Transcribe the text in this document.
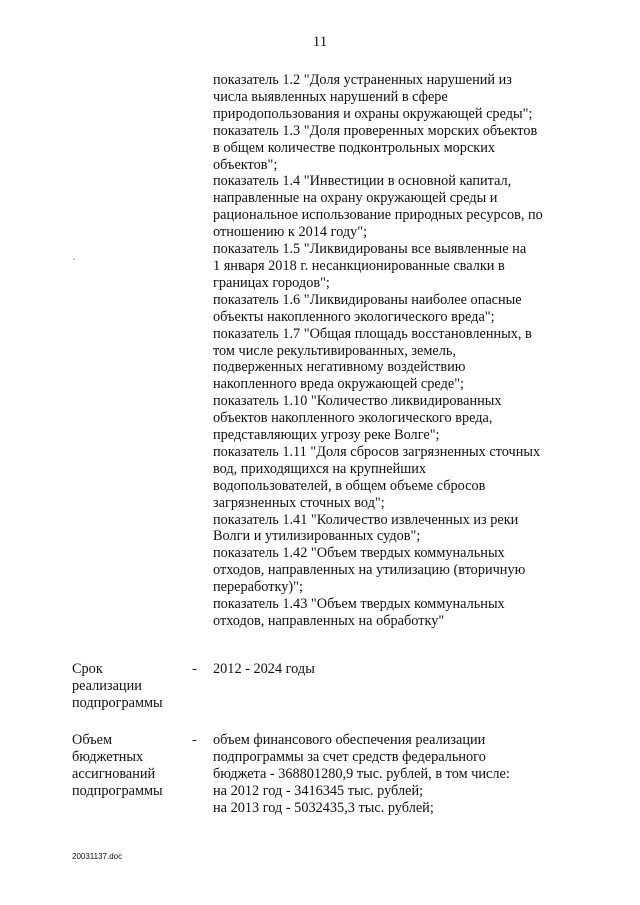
11
показатель 1.2 "Доля устраненных нарушений из
числа выявленных нарушений в сфере
природопользования и охраны окружающей среды";
показатель 1.3 "Доля проверенных морских объектов
в общем количестве подконтрольных морских
объектов";
показатель 1.4 "Инвестиции в основной капитал,
направленные на охрану окружающей среды и
рациональное использование природных ресурсов, по
отношению к 2014 году";
показатель 1.5 "Ликвидированы все выявленные на
1 января 2018 г. несанкционированные свалки в
границах городов";
показатель 1.6 "Ликвидированы наиболее опасные
объекты накопленного экологического вреда";
показатель 1.7 "Общая площадь восстановленных, в
том числе рекультивированных, земель,
подверженных негативному воздействию
накопленного вреда окружающей среде";
показатель 1.10 "Количество ликвидированных
объектов накопленного экологического вреда,
представляющих угрозу реке Волге";
показатель 1.11 "Доля сбросов загрязненных сточных
вод, приходящихся на крупнейших
водопользователей, в общем объеме сбросов
загрязненных сточных вод";
показатель 1.41 "Количество извлеченных из реки
Волги и утилизированных судов";
показатель 1.42 "Объем твердых коммунальных
отходов, направленных на утилизацию (вторичную
переработку)";
показатель 1.43 "Объем твердых коммунальных
отходов, направленных на обработку"
Срок
реализации
подпрограммы
- 2012 - 2024 годы
Объем
бюджетных
ассигнований
подпрограммы
- объем финансового обеспечения реализации
подпрограммы за счет средств федерального
бюджета - 368801280,9 тыс. рублей, в том числе:
на 2012 год - 3416345 тыс. рублей;
на 2013 год - 5032435,3 тыс. рублей;
20031137.doc
